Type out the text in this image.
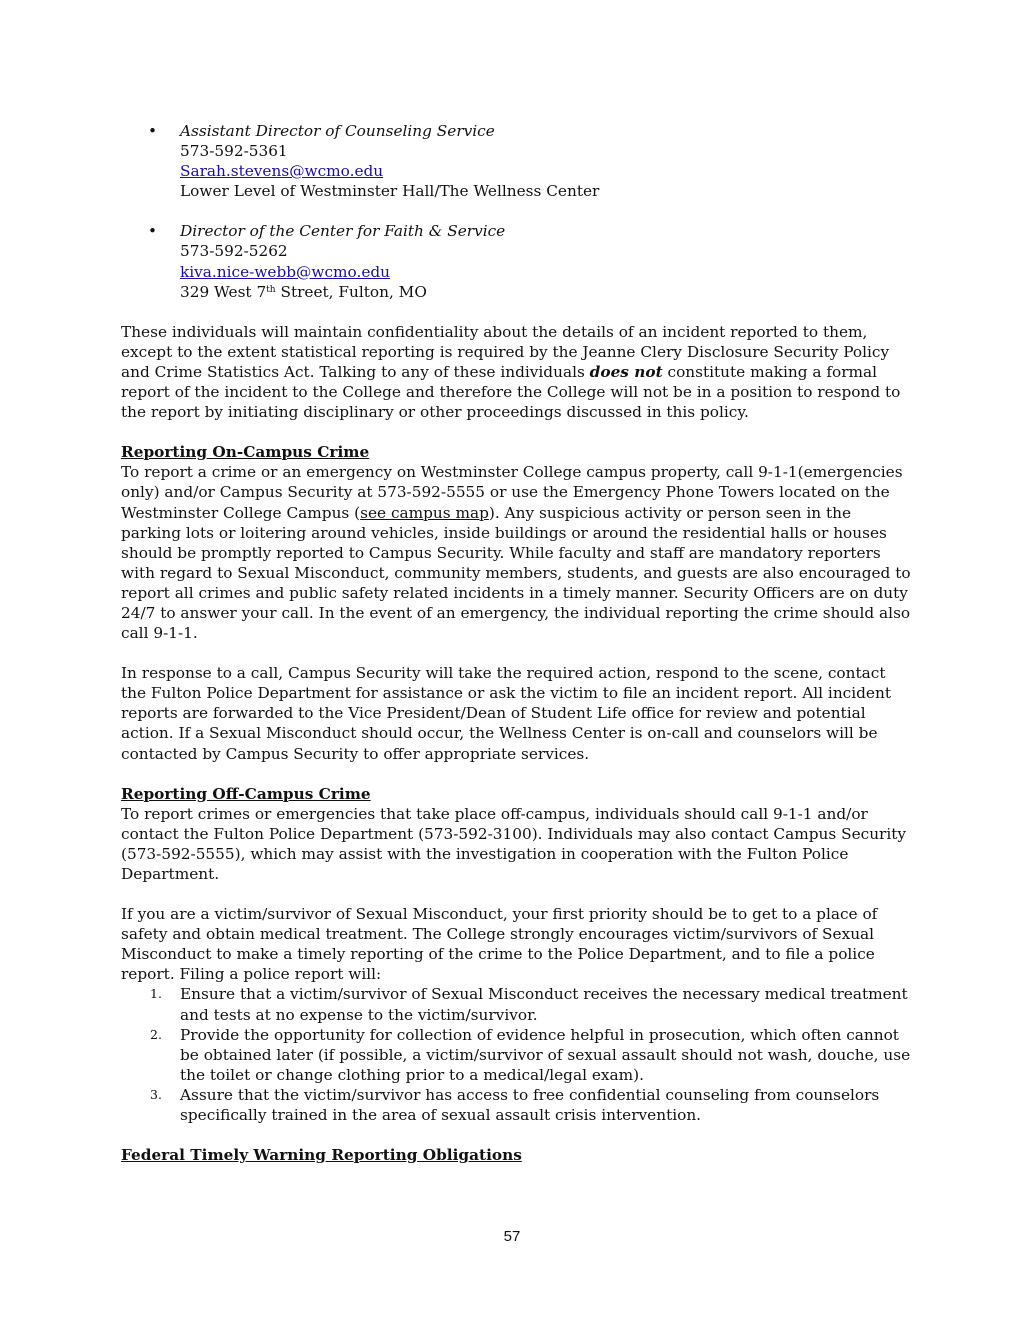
• Assistant Director of Counseling Service
573-592-5361
Sarah.stevens@wcmo.edu
Lower Level of Westminster Hall/The Wellness Center
• Director of the Center for Faith & Service
573-592-5262
kiva.nice-webb@wcmo.edu
329 West 7th Street, Fulton, MO

These individuals will maintain confidentiality about the details of an incident reported to them, except to the extent statistical reporting is required by the Jeanne Clery Disclosure Security Policy and Crime Statistics Act. Talking to any of these individuals does not constitute making a formal report of the incident to the College and therefore the College will not be in a position to respond to the report by initiating disciplinary or other proceedings discussed in this policy.

Reporting On-Campus Crime

To report a crime or an emergency on Westminster College campus property, call 9-1-1(emergencies only) and/or Campus Security at 573-592-5555 or use the Emergency Phone Towers located on the Westminster College Campus (see campus map). Any suspicious activity or person seen in the parking lots or loitering around vehicles, inside buildings or around the residential halls or houses should be promptly reported to Campus Security. While faculty and staff are mandatory reporters with regard to Sexual Misconduct, community members, students, and guests are also encouraged to report all crimes and public safety related incidents in a timely manner. Security Officers are on duty 24/7 to answer your call. In the event of an emergency, the individual reporting the crime should also call 9-1-1.

In response to a call, Campus Security will take the required action, respond to the scene, contact the Fulton Police Department for assistance or ask the victim to file an incident report. All incident reports are forwarded to the Vice President/Dean of Student Life office for review and potential action. If a Sexual Misconduct should occur, the Wellness Center is on-call and counselors will be contacted by Campus Security to offer appropriate services.

Reporting Off-Campus Crime

To report crimes or emergencies that take place off-campus, individuals should call 9-1-1 and/or contact the Fulton Police Department (573-592-3100). Individuals may also contact Campus Security (573-592-5555), which may assist with the investigation in cooperation with the Fulton Police Department.

If you are a victim/survivor of Sexual Misconduct, your first priority should be to get to a place of safety and obtain medical treatment. The College strongly encourages victim/survivors of Sexual Misconduct to make a timely reporting of the crime to the Police Department, and to file a police report. Filing a police report will:

1. Ensure that a victim/survivor of Sexual Misconduct receives the necessary medical treatment and tests at no expense to the victim/survivor.
2. Provide the opportunity for collection of evidence helpful in prosecution, which often cannot be obtained later (if possible, a victim/survivor of sexual assault should not wash, douche, use the toilet or change clothing prior to a medical/legal exam).
3. Assure that the victim/survivor has access to free confidential counseling from counselors specifically trained in the area of sexual assault crisis intervention.
Federal Timely Warning Reporting Obligations
57
